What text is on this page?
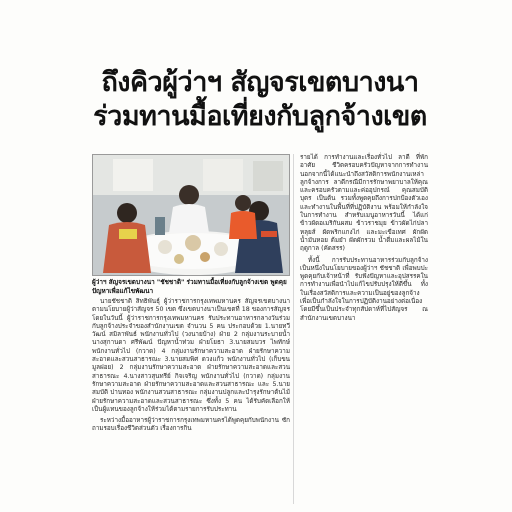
ถึงคิวผู้ว่าฯ สัญจรเขตบางนา
ร่วมทานมื้อเที่ยงกับลูกจ้างเขต
ผู้ว่าฯ สัญจรเขตบางนา "ชัชชาติ" ร่วมทานมื้อเที่ยงกับลูกจ้างเขต พูดคุยปัญหาเพื่อแก้ไขพัฒนา

นายชัชชาติ สิทธิพันธุ์ ผู้ว่าราชการกรุงเทพมหานคร สัญจรเขตบางนา ตามนโยบายผู้ว่าสัญจร 50 เขต ซึ่งเขตบางนาเป็นเขตที่ 18 ของการสัญจร โดยในวันนี้ ผู้ว่าราชการกรุงเทพมหานคร รับประทานอาหารกลางวันร่วมกับลูกจ้างประจำของสำนักงานเขต จำนวน 5 คน ประกอบด้วย 1.นายทวีวัฒน์ สมิลาพันธ์ พนักงานทั่วไป (วงนายบ้าง) ฝ่าย 2 กลุ่มงานระบายน้ำ นางสุกานดา ศรีพัฒน์ ปัญหาน้ำท่วม ฝ่ายโยธา 3.นายสมบวร ไพทักษ์ พนักงานทั่วไป (กวาด) 4 กลุ่มงานรักษาความสะอาด ฝ่ายรักษาความสะอาดและสวนสาธารณะ 3.นายสมพิศ ดวงแก้ว พนักงานทั่วไป (เก็บขนมูลฝอย) 2 กลุ่มงานรักษาความสะอาด ฝ่ายรักษาความสะอาดและสวนสาธารณะ 4.นางสาวสุนทรีย์ กิจเจริญ พนักงานทั่วไป (กวาด) กลุ่มงานรักษาความสะอาด ฝ่ายรักษาความสะอาดและสวนสาธารณะ และ 5.นายสมบัติ ปานทอง พนักงานสวนสาธารณะ กลุ่มงานปลูกและบำรุงรักษาต้นไม้ ฝ่ายรักษาความสะอาดและสวนสาธารณะ ซึ่งทั้ง 5 คน ได้รับคัดเลือกให้เป็นผู้แทนของลูกจ้างให้ร่วมได้ตามรายการรับประทาน

ระหว่างมื้ออาหารผู้ว่าราชการกรุงเทพมหานครได้พูดคุยกับพนักงาน ซักถามรอบเรื่องชีวิตส่วนตัว เรื่องการกิน

รายได้ การทำงานและเรื่องทั่วไป ลาดี ที่พักอาศัย ชีวิตครอบครัวปัญหาจากการทำงาน นอกจากนี้ได้แนะนำถึงสวัสดิการพนักงานเหล่าลูกจ้างการ ลาดีกรณีมีการรักษาพยาบาลให้คุณและครอบครัวตามและค่ออุปกรณ์ คุณสมบัติ บุตร เป็นต้น รวมทั้งพูดคุยถึงการปกป้องตัวเองและทำงานในพื้นที่ที่ปฏิบัติงาน พร้อมให้กำลังใจในการทำงาน สำหรับเมนูอาหารวันนี้ ได้แก่ ข้าวผัดอเมริกันผสม ข้าวราชมุย ข้าวผัดไก่ปลาหลุยส์ ผัดพริกแกงไก่ และมะเขือเทศ ผักผัดน้ำมันหอย ต้มยำ ผัดผักรวม น้ำดื่มและผลไม้ในฤดูกาล (คัดสรร)

ทั้งนี้ การรับประทานอาหารร่วมกับลูกจ้างเป็นหนึ่งในนโยบายของผู้ว่าฯ ชัชชาติ เพื่อพบปะพูดคุยกับเจ้าหน้าที่ รับฟังปัญหาและอุปสรรคในการทำงานเพื่อนำไปแก้ไขปรับปรุงให้ดีขึ้น ทั้งในเรื่องสวัสดิการและความเป็นอยู่ของลูกจ้างเพื่อเป็นกำลังใจในการปฏิบัติงานอย่างต่อเนื่อง โดยมีขึ้นเป็นประจำทุกสัปดาห์ที่ไปสัญจร ณ สำนักงานเขตบางนา
